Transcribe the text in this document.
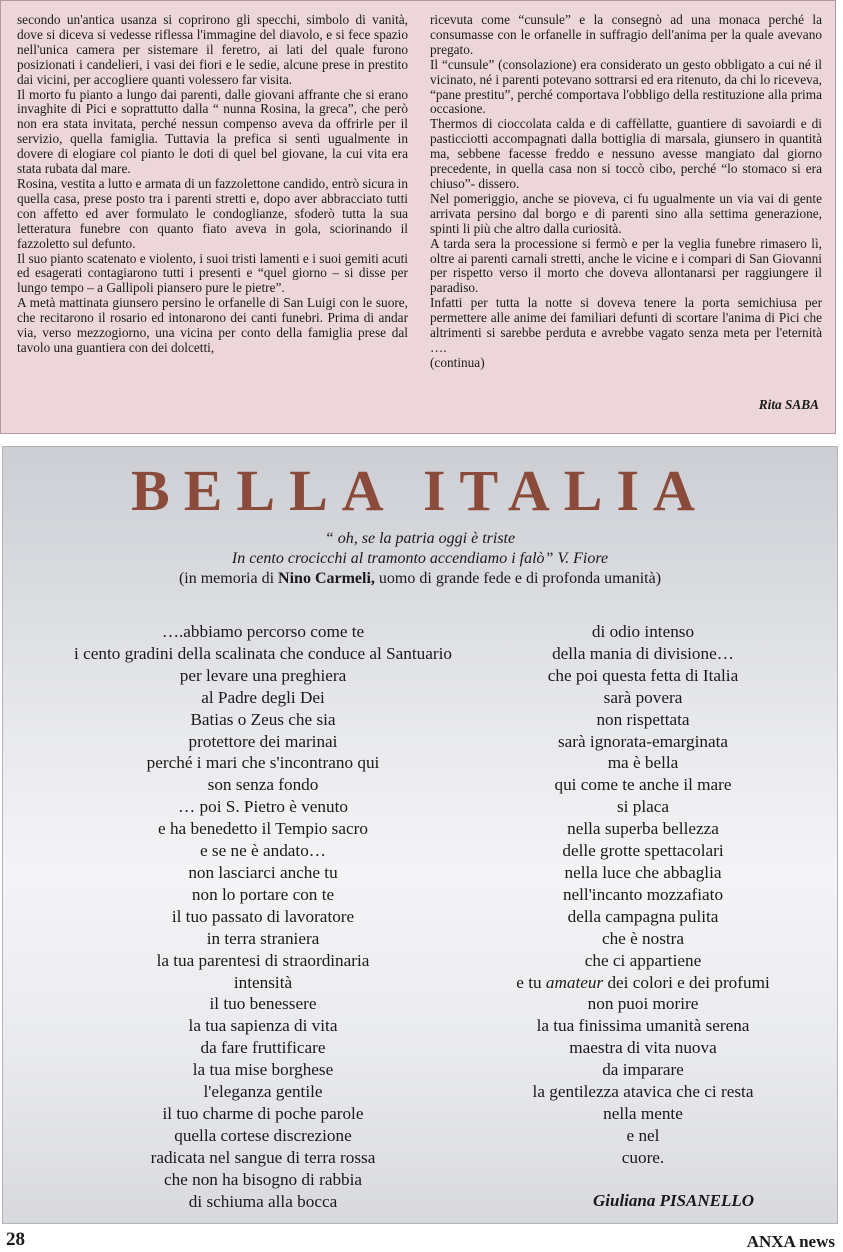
secondo un'antica usanza si coprirono gli specchi, simbolo di vanità, dove si diceva si vedesse riflessa l'immagine del diavolo, e si fece spazio nell'unica camera per sistemare il feretro, ai lati del quale furono posizionati i candelieri, i vasi dei fiori e le sedie, alcune prese in prestito dai vicini, per accogliere quanti volessero far visita.

Il morto fu pianto a lungo dai parenti, dalle giovani affrante che si erano invaghite di Pici e soprattutto dalla “ nunna Rosina, la greca”, che però non era stata invitata, perché nessun compenso aveva da offrirle per il servizio, quella famiglia. Tuttavia la prefica si sentì ugualmente in dovere di elogiare col pianto le doti di quel bel giovane, la cui vita era stata rubata dal mare.

Rosina, vestita a lutto e armata di un fazzolettone candido, entrò sicura in quella casa, prese posto tra i parenti stretti e, dopo aver abbracciato tutti con affetto ed aver formulato le condoglianze, sfoderò tutta la sua letteratura funebre con quanto fiato aveva in gola, sciorinando il fazzoletto sul defunto.

Il suo pianto scatenato e violento, i suoi tristi lamenti e i suoi gemiti acuti ed esagerati contagiarono tutti i presenti e “quel giorno – si disse per lungo tempo – a Gallipoli piansero pure le pietre”.

A metà mattinata giunsero persino le orfanelle di San Luigi con le suore, che recitarono il rosario ed intonarono dei canti funebri. Prima di andar via, verso mezzogiorno, una vicina per conto della famiglia prese dal tavolo una guantiera con dei dolcetti,

ricevuta come “cunsule” e la consegnò ad una monaca perché la consumasse con le orfanelle in suffragio dell'anima per la quale avevano pregato.

Il “cunsule” (consolazione) era considerato un gesto obbligato a cui né il vicinato, né i parenti potevano sottrarsi ed era ritenuto, da chi lo riceveva, “pane prestitu”, perché comportava l'obbligo della restituzione alla prima occasione.

Thermos di cioccolata calda e di caffèllatte, guantiere di savoiardi e di pasticciotti accompagnati dalla bottiglia di marsala, giunsero in quantità ma, sebbene facesse freddo e nessuno avesse mangiato dal giorno precedente, in quella casa non si toccò cibo, perché “lo stomaco si era chiuso”- dissero.

Nel pomeriggio, anche se pioveva, ci fu ugualmente un via vai di gente arrivata persino dal borgo e di parenti sino alla settima generazione, spinti li più che altro dalla curiosità.

A tarda sera la processione si fermò e per la veglia funebre rimasero lì, oltre ai parenti carnali stretti, anche le vicine e i compari di San Giovanni per rispetto verso il morto che doveva allontanarsi per raggiungere il paradiso.

Infatti per tutta la notte si doveva tenere la porta semichiusa per permettere alle anime dei familiari defunti di scortare l'anima di Pici che altrimenti si sarebbe perduta e avrebbe vagato senza meta per l'eternità ….

(continua)

Rita SABA
BELLA ITALIA
“ oh, se la patria oggi è triste
In cento crocicchi al tramonto accendiamo i falò” V. Fiore
(in memoria di Nino Carmeli, uomo di grande fede e di profonda umanità)
….abbiamo percorso come te
i cento gradini della scalinata che conduce al Santuario
per levare una preghiera
al Padre degli Dei
Batias o Zeus che sia
protettore dei marinai
perché i mari che s'incontrano qui
son senza fondo
… poi S. Pietro è venuto
e ha benedetto il Tempio sacro
e se ne è andato…
non lasciarci anche tu
non lo portare con te
il tuo passato di lavoratore
in terra straniera
la tua parentesi di straordinaria
intensità
il tuo benessere
la tua sapienza di vita
da fare fruttificare
la tua mise borghese
l'eleganza gentile
il tuo charme di poche parole
quella cortese discrezione
radicata nel sangue di terra rossa
che non ha bisogno di rabbia
di schiuma alla bocca
di odio intenso
della mania di divisione…
che poi questa fetta di Italia
sarà povera
non rispettata
sarà ignorata-emarginata
ma è bella
qui come te anche il mare
si placa
nella superba bellezza
delle grotte spettacolari
nella luce che abbaglia
nell'incanto mozzafiato
della campagna pulita
che è nostra
che ci appartiene
e tu amateur dei colori e dei profumi
non puoi morire
la tua finissima umanità serena
maestra di vita nuova
da imparare
la gentilezza atavica che ci resta
nella mente
e nel
cuore.
Giuliana PISANELLO
28	ANXA news
